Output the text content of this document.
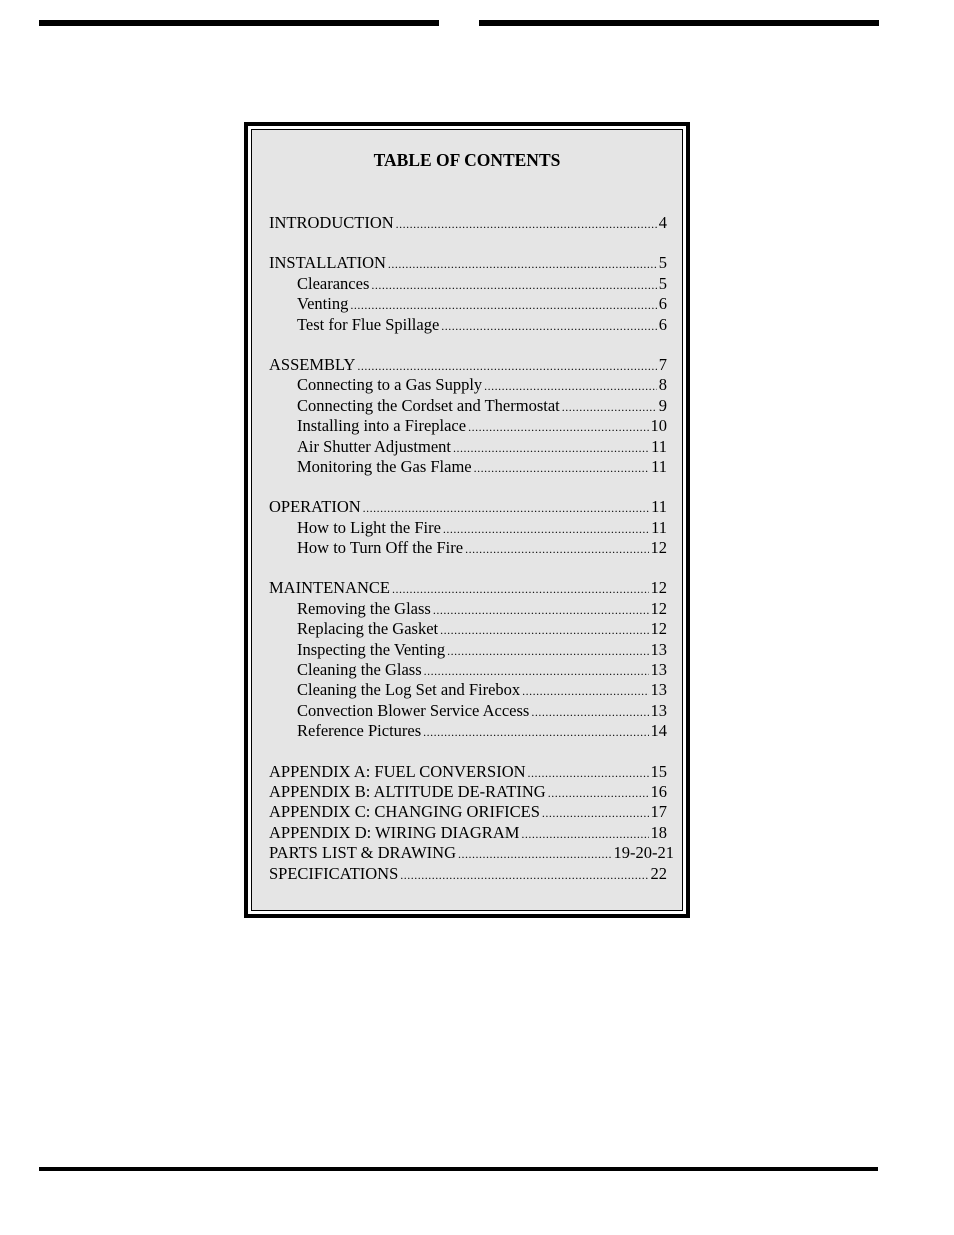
TABLE OF CONTENTS
INTRODUCTION .....	4
INSTALLATION .....	5
Clearances .....	5
Venting .....	6
Test for Flue Spillage .....	6
ASSEMBLY .....	7
Connecting to a Gas Supply .....	8
Connecting the Cordset and Thermostat .....	9
Installing into a Fireplace .....	10
Air Shutter Adjustment .....	11
Monitoring the Gas Flame .....	11
OPERATION .....	11
How to Light the Fire .....	11
How to Turn Off the Fire .....	12
MAINTENANCE .....	12
Removing the Glass .....	12
Replacing the Gasket .....	12
Inspecting the Venting .....	13
Cleaning the Glass .....	13
Cleaning the Log Set and Firebox .....	13
Convection Blower Service Access .....	13
Reference Pictures .....	14
APPENDIX A: FUEL CONVERSION .....	15
APPENDIX B: ALTITUDE DE-RATING .....	16
APPENDIX C: CHANGING ORIFICES .....	17
APPENDIX D: WIRING DIAGRAM .....	18
PARTS LIST & DRAWING .....	19-20-21
SPECIFICATIONS .....	22
